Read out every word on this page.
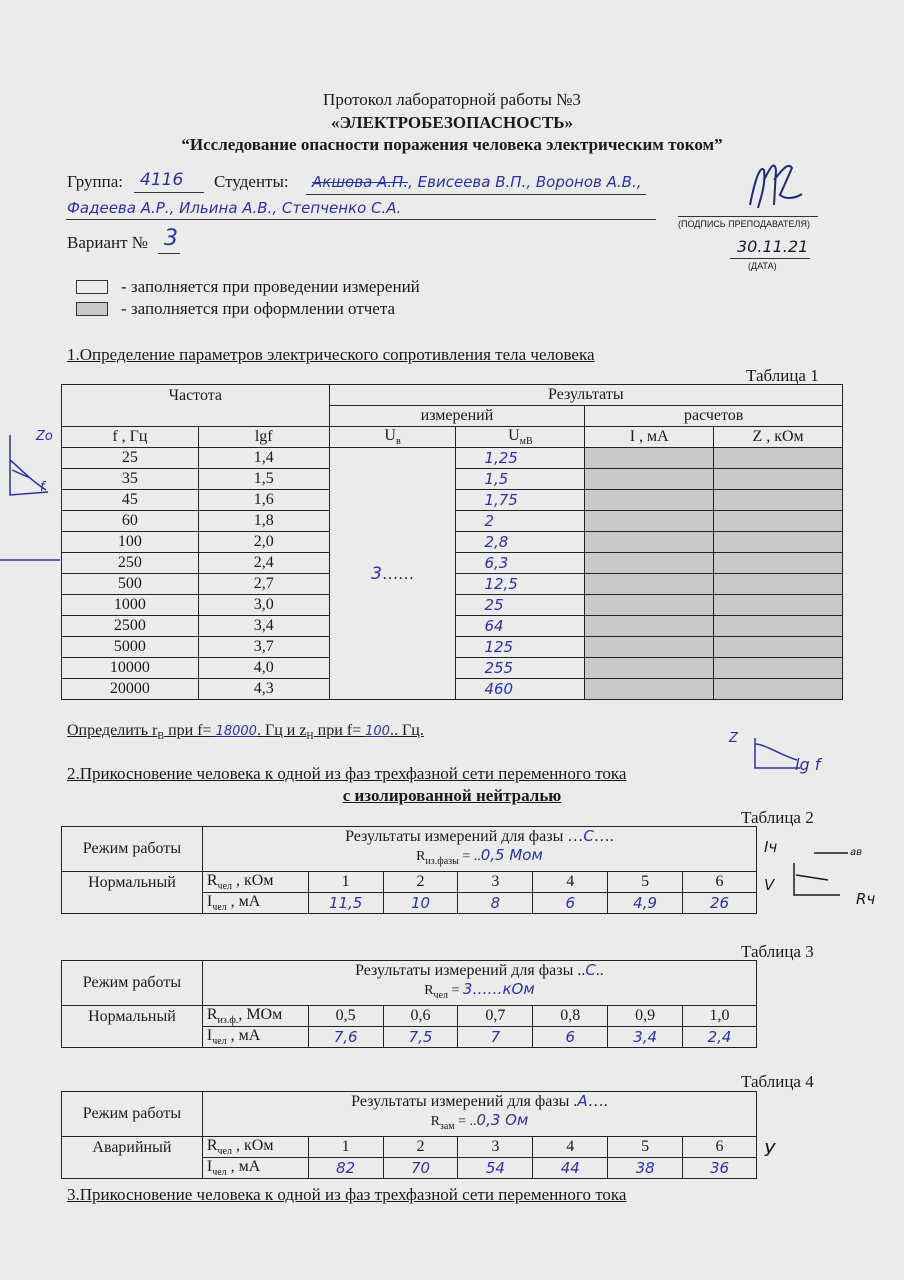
Протокол лабораторной работы №3
«ЭЛЕКТРОБЕЗОПАСНОСТЬ»
“Исследование опасности поражения человека электрическим током”
Группа: 4116 Студенты: Акшова А.П., Евисеева В.П., Воронов А.В.,
Фадеева А.Р., Ильина А.В., Степченко С.А.
(ПОДПИСЬ ПРЕПОДАВАТЕЛЯ)
Вариант № 3	30.11.21
(ДАТА)
- заполняется при проведении измерений
- заполняется при оформлении отчета
1.Определение параметров электрического сопротивления тела человека
Таблица 1
Частота		Результаты			
		измерений		расчетов	
f , Гц	lgf	$U_в$	$U_{мВ}$	I , мА	Z , кОм
25	1,4	3……	1,25		
35	1,5		1,5		
45	1,6		1,75		
60	1,8		2		
100	2,0		2,8		
250	2,4		6,3		
500	2,7		12,5		
1000	3,0		25		
2500	3,4		64		
5000	3,7		125		
10000	4,0		255		
20000	4,3		460		
Определить $r_В$ при f= 18000. Гц и $z_Н$ при f= 100.. Гц.
Zо
f
Z
lg f
2.Прикосновение человека к одной из фаз трехфазной сети переменного тока
с изолированной нейтралью
Таблица 2
Режим работы	Результаты измерений для фазы …С….
$R_{из.фазы} = ..0,5$ Мом						

Нормальный	$R_{чел}$ , кОм	1	2	3	4	5	6
	$I_{чел}$ , мА	11,5	10	8	6	4,9	26
Iч	ав
V
Rч
Таблица 3
Режим работы	Результаты измерений для фазы ..С..
$R_{чел}$ = 3……кОм						

Нормальный	$R_{из.ф.}$, МОм	0,5	0,6	0,7	0,8	0,9	1,0
	$I_{чел}$ , мА	7,6	7,5	7	6	3,4	2,4
Таблица 4
Режим работы	Результаты измерений для фазы .А….
$R_{зам} = ..0,3$ Ом						

Аварийный	$R_{чел}$ , кОм	1	2	3	4	5	6
	$I_{чел}$ , мА	82	70	54	44	38	36
У
3.Прикосновение человека к одной из фаз трехфазной сети переменного тока
